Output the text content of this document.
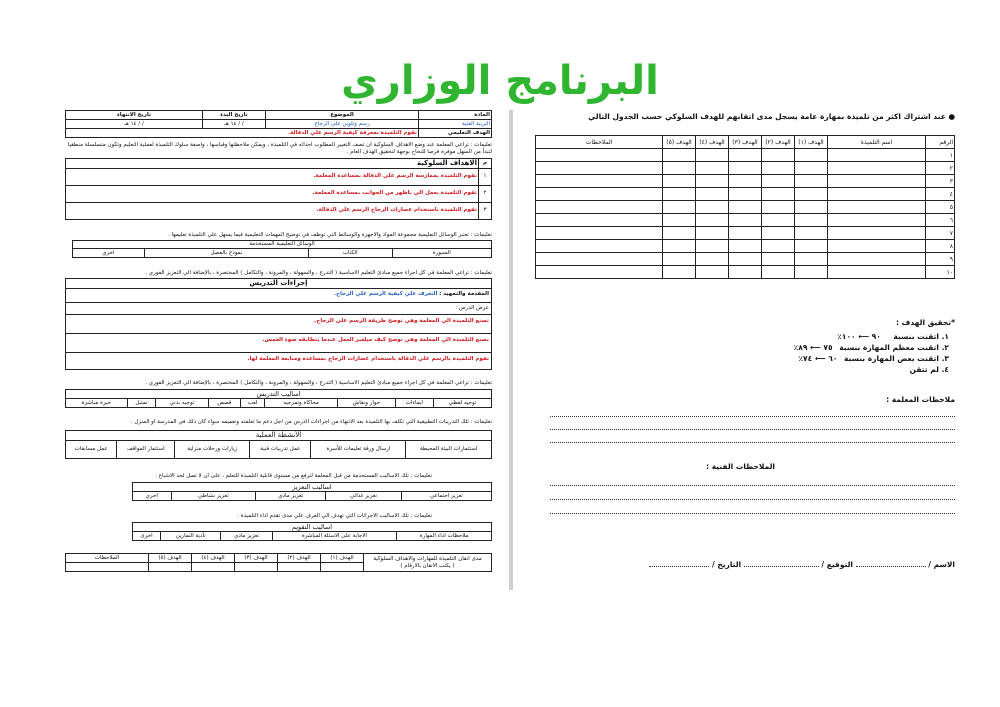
البرنامج الوزاري
المادة	الموضوع	تاريخ البدء	تاريخ الانتهاء
التربية الفنية	رسم وتلوين علي الزجاج	/ / ١٤ هـ	/ / ١٤ هـ
الهدف التعليمي	تقوم التلميذة بمعرفة كيفية الرسم علي الدقالة.		
تعليمات : تراعي المعلمة عند وضع الاهداف السلوكية ان تصف التغيير المطلوب احداثه في التلميذة ، ويمكن ملاحظتها وقياسها ، واصفة سلوك التلميذة لعملية التعليم وتكون متسلسلة منطقيا لتبدأ من السهل موفرة فرصا للنجاح بوجهة لتحقيق الهدف العام .
م	الاهداف السلوكية
١	تقوم التلميذة بممارسة الرسم علي الدقالة بمساعدة المعلمة.
٢	تقوم التلميذة بعمل الي باظهر من الجوانب بمساعدة المعلمة.
٣	تقوم التلميذة باستخدام عصارات الزجاج الرسم علي الدقالة.
تعليمات : تعتبر الوسائل التعليمية مجموعة المواد والاجهزة والوسائط التي توظف في توضيح المهمات التعليمية فيما يسهل علي التلميذة تعليمها .
الوسائل التعليمية المستخدمة
السبورة	الكتاب	نموذج بالفصل	اخري
تعليمات : تراعي المعلمة في كل اجراء جميع مبادئ التعليم الاساسية ( التدرج ، والسهولة ، والمرونة ، والتكامل ) المختصرة ، بالإضافة الي التعزيز الفوري .
إجراءات التدريس
المقدمة والتمهيد : التعرف علي كيفية الرسم علي الزجاج.
عرض الدرس :
تصنع التلميذة الي المعلمة وهي توضح طريقة الرسم علي الزجاج.
تصنع التلميذة الي المعلمة وهي توضح كيف ميلعبر العمل عندما يتطابقه ضوء الغمس.
تقوم التلميذة بالرسم علي الدقالة باستخدام عصارات الزجاج بمساعدة ومتابعة المعلمة لها.
تعليمات : تراعي المعلمة في كل اجراء جميع مبادئ التعليم الاساسية ( التدرج ، والسهولة ، والمرونة ، والتكامل ) المختصرة ، بالإضافة الي التعزيز الفوري .
اساليب التدريس
توجيه لفظي	ايماءات	حوار ونقاش	محاكاة وتمزجيه	لعب	قصص	توجيه بدني	تمثيل	خبرة مباشرة
تعليمات : تلك التدريبات التطبيقية التي تكلف بها التلميذة بعد الانتهاء من اجراءات الدرس من اجل دعم ما تعلمته وتعميمه سواء كان ذلك في المدرسة او المنزل .
الأنشطة العملية
استثمارات البيئة المحيطة	ارسال ورقة تعليمات للأسرة	عمل تدريبات فنية	زيارات ورحلات منزلية	استثمار المواقف	عمل مسابقات
تعليمات : تلك الاساليب المستخدمة من قبل المعلمة لترفع من مستوى قابلية التلميذة للتعلم ، على ان لا تصل لحد الاشباع .
اساليب التعزيز
تعزيز اجتماعي	تعزيز غذائي	تعزيز مادي	تعزيز نشاطي	اخري
تعليمات : تلك الاساليب الاجرائات التي تهدف الي العرف علي مدى تقدم اداء التلميذة .
اساليب التقويم
ملاحظات اداء المهارة	الاجابة على الاسئلة المباشرة	تعزيز مادي	تأدية التمارين	اخرى
مدى اتقان التلميذة للمهارات والاهداف السلوكية
( يكتب الاتقان بالارقام )	الهدف (١)	الهدف (٢)	الهدف (٣)	الهدف (٤)	الهدف (٥)	الملاحظات

● عند اشتراك اكثر من تلميذة بمهارة عامة يسجل مدى اتقانهم للهدف السلوكي حسب الجدول التالي
الرقم	اسم التلميذة	الهدف (١)	الهدف (٢)	الهدف (٣)	الهدف (٤)	الهدف (٥)	الملاحظات
١							
٢							
٣							
٤							
٥							
٦							
٧							
٨							
٩							
١٠							
*تحقيق الهدف :
١. اتقنت بنسبة ٩٠ ⟵ ١٠٠٪
٢. اتقنت معظم المهارة بنسبة ٧٥ ⟵ ٨٩٪
٣. اتقنت بعض المهارة بنسبة ٦٠ ⟵ ٧٤٪
٤. لم تتقن
ملاحظات المعلمة :
الملاحظات الفنية :
الاسم /  التوقيع /  التاريخ /
